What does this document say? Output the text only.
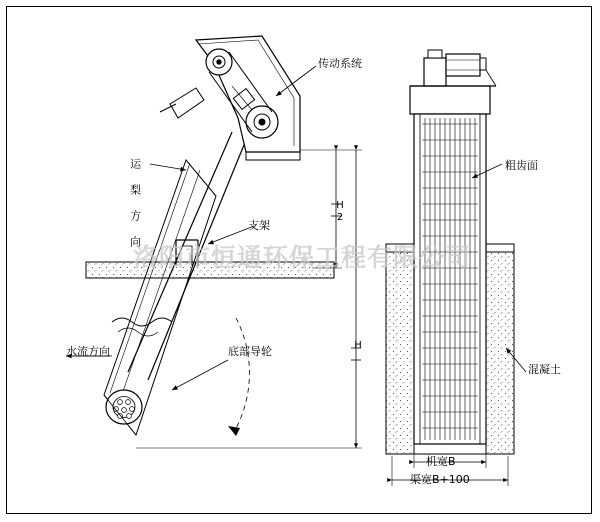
传动系统
粗齿面
运 梨 方 向	支架
水流方向	底部导轮
混凝土
H2
H
机宽B
渠宽B+100
洛阳市恒通环保工程有限公司
